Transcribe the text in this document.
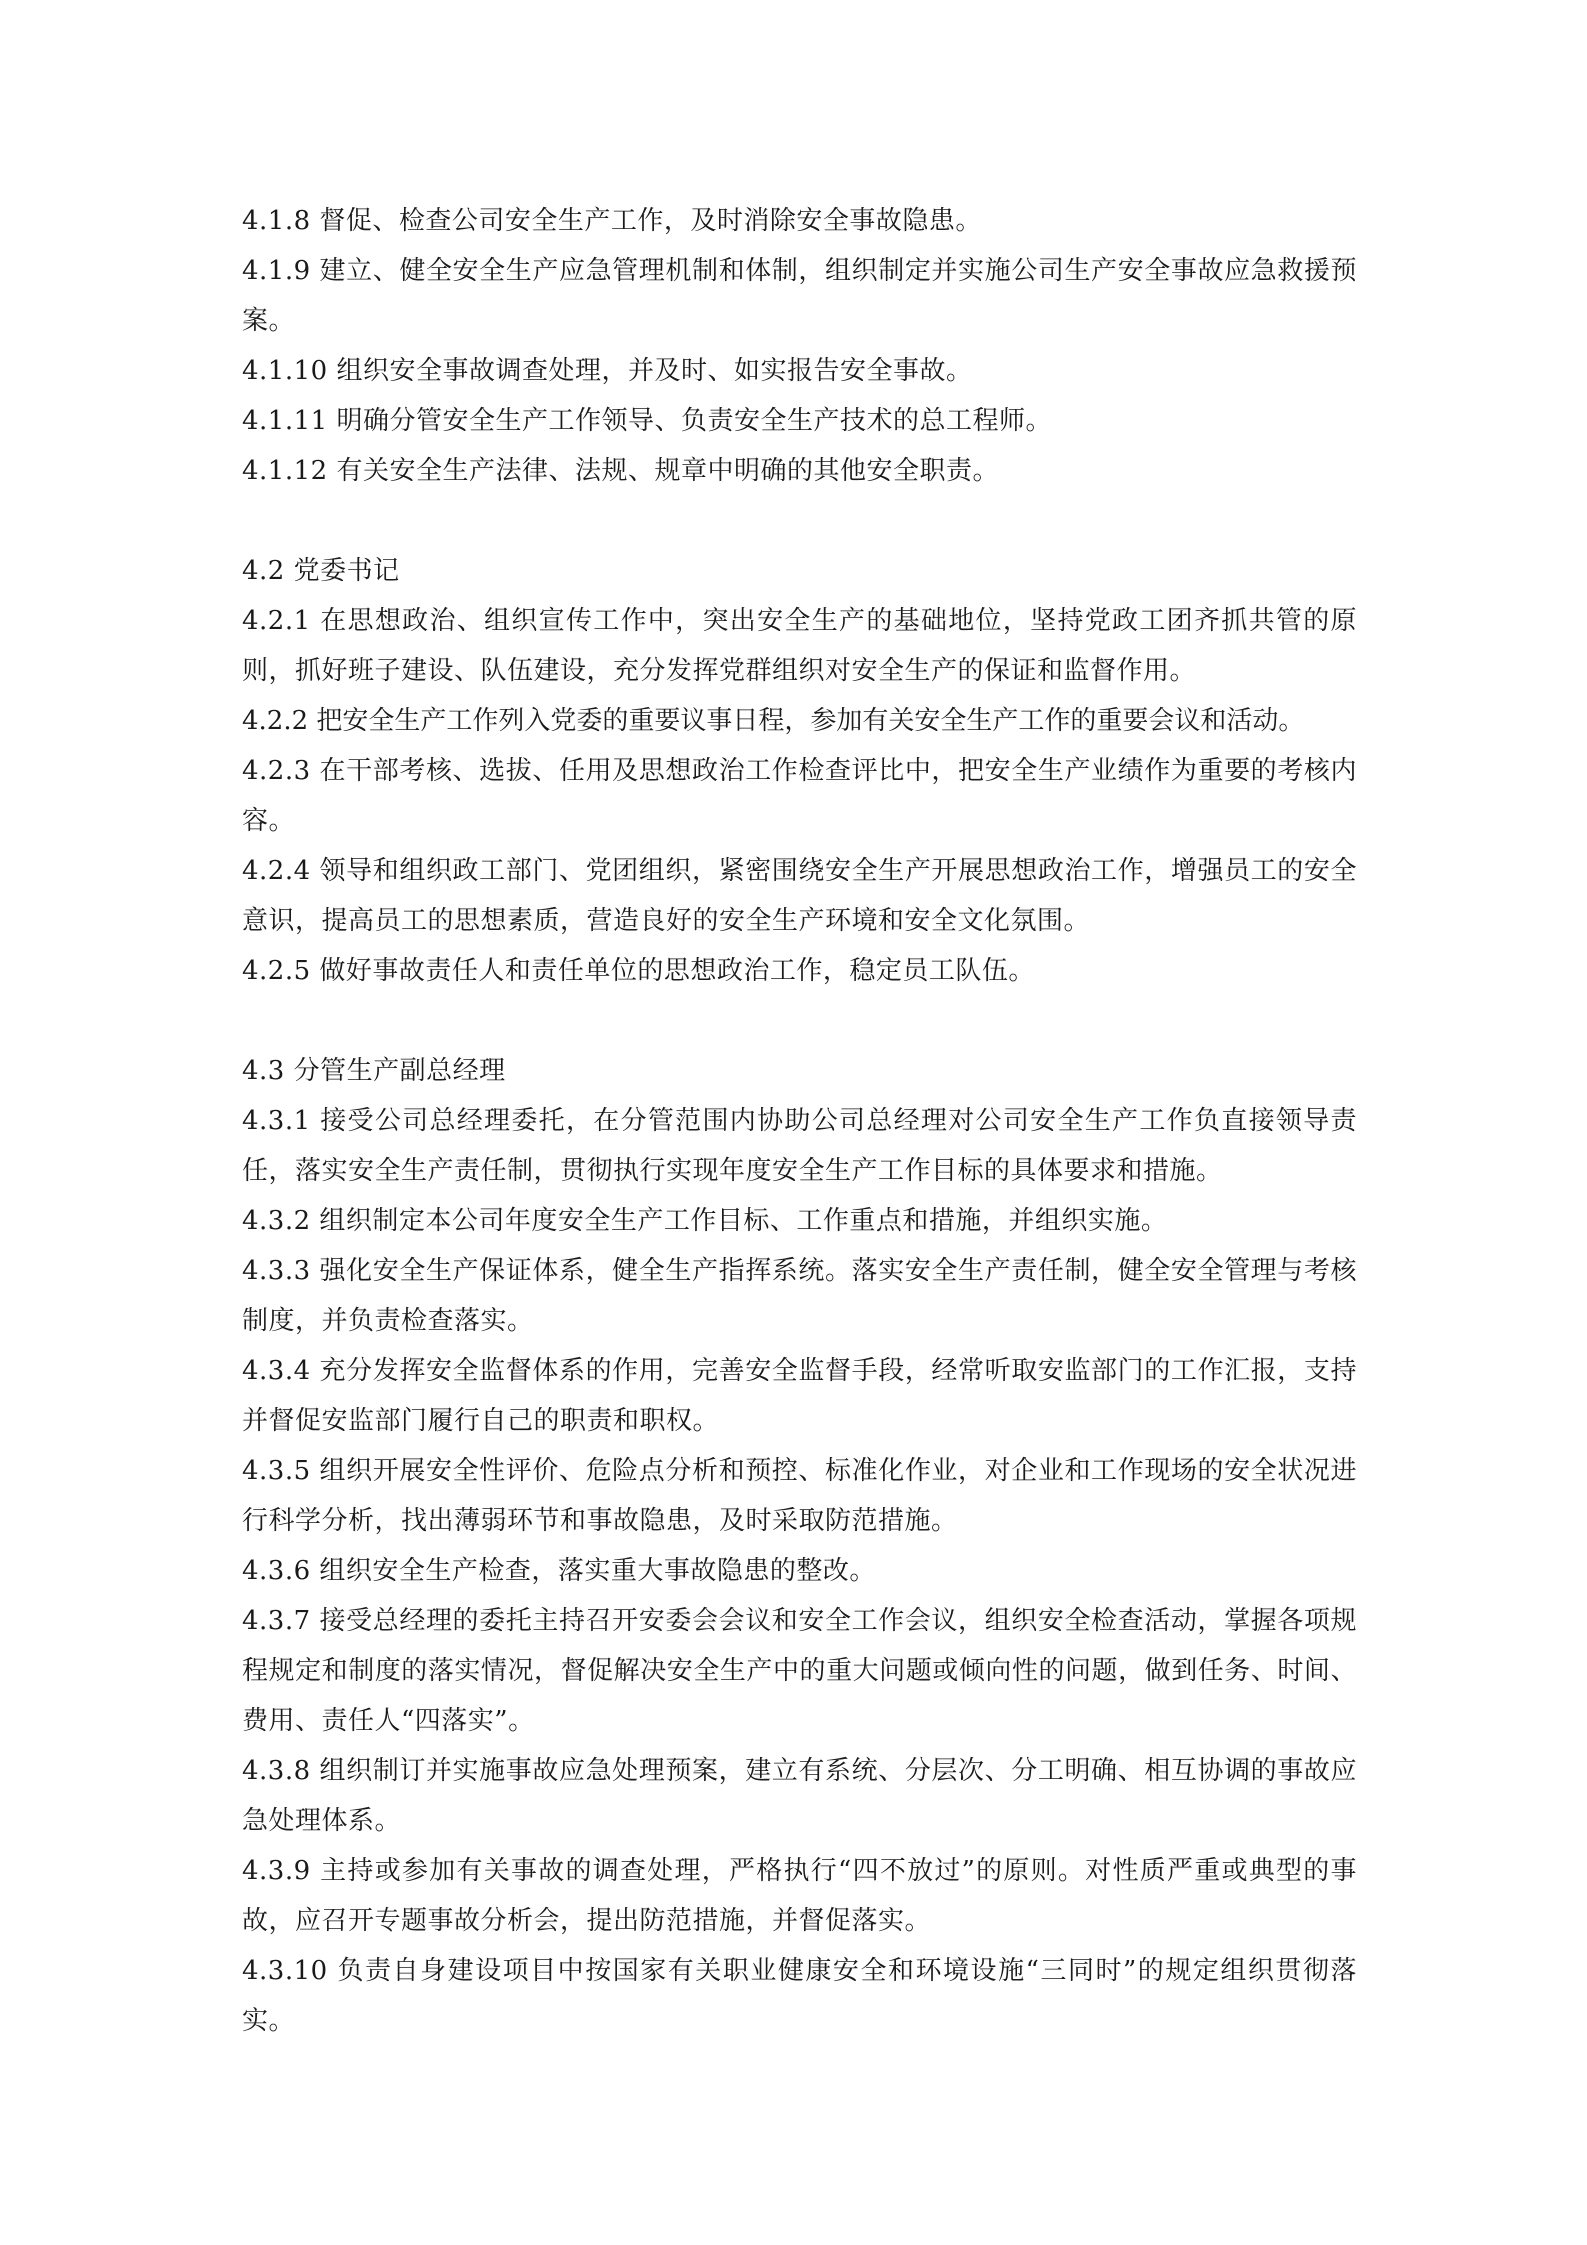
4.1.8 督促、检查公司安全生产工作，及时消除安全事故隐患。

4.1.9 建立、健全安全生产应急管理机制和体制，组织制定并实施公司生产安全事故应急救援预案。

4.1.10 组织安全事故调查处理，并及时、如实报告安全事故。

4.1.11 明确分管安全生产工作领导、负责安全生产技术的总工程师。

4.1.12 有关安全生产法律、法规、规章中明确的其他安全职责。

4.2 党委书记

4.2.1 在思想政治、组织宣传工作中，突出安全生产的基础地位，坚持党政工团齐抓共管的原则，抓好班子建设、队伍建设，充分发挥党群组织对安全生产的保证和监督作用。

4.2.2 把安全生产工作列入党委的重要议事日程，参加有关安全生产工作的重要会议和活动。

4.2.3 在干部考核、选拔、任用及思想政治工作检查评比中，把安全生产业绩作为重要的考核内容。

4.2.4 领导和组织政工部门、党团组织，紧密围绕安全生产开展思想政治工作，增强员工的安全意识，提高员工的思想素质，营造良好的安全生产环境和安全文化氛围。

4.2.5 做好事故责任人和责任单位的思想政治工作，稳定员工队伍。

4.3 分管生产副总经理

4.3.1 接受公司总经理委托，在分管范围内协助公司总经理对公司安全生产工作负直接领导责任，落实安全生产责任制，贯彻执行实现年度安全生产工作目标的具体要求和措施。

4.3.2 组织制定本公司年度安全生产工作目标、工作重点和措施，并组织实施。

4.3.3 强化安全生产保证体系，健全生产指挥系统。落实安全生产责任制，健全安全管理与考核制度，并负责检查落实。

4.3.4 充分发挥安全监督体系的作用，完善安全监督手段，经常听取安监部门的工作汇报，支持并督促安监部门履行自己的职责和职权。

4.3.5 组织开展安全性评价、危险点分析和预控、标准化作业，对企业和工作现场的安全状况进行科学分析，找出薄弱环节和事故隐患，及时采取防范措施。

4.3.6 组织安全生产检查，落实重大事故隐患的整改。

4.3.7 接受总经理的委托主持召开安委会会议和安全工作会议，组织安全检查活动，掌握各项规程规定和制度的落实情况，督促解决安全生产中的重大问题或倾向性的问题，做到任务、时间、费用、责任人“四落实”。

4.3.8 组织制订并实施事故应急处理预案，建立有系统、分层次、分工明确、相互协调的事故应急处理体系。

4.3.9 主持或参加有关事故的调查处理，严格执行“四不放过”的原则。对性质严重或典型的事故，应召开专题事故分析会，提出防范措施，并督促落实。

4.3.10 负责自身建设项目中按国家有关职业健康安全和环境设施“三同时”的规定组织贯彻落实。
